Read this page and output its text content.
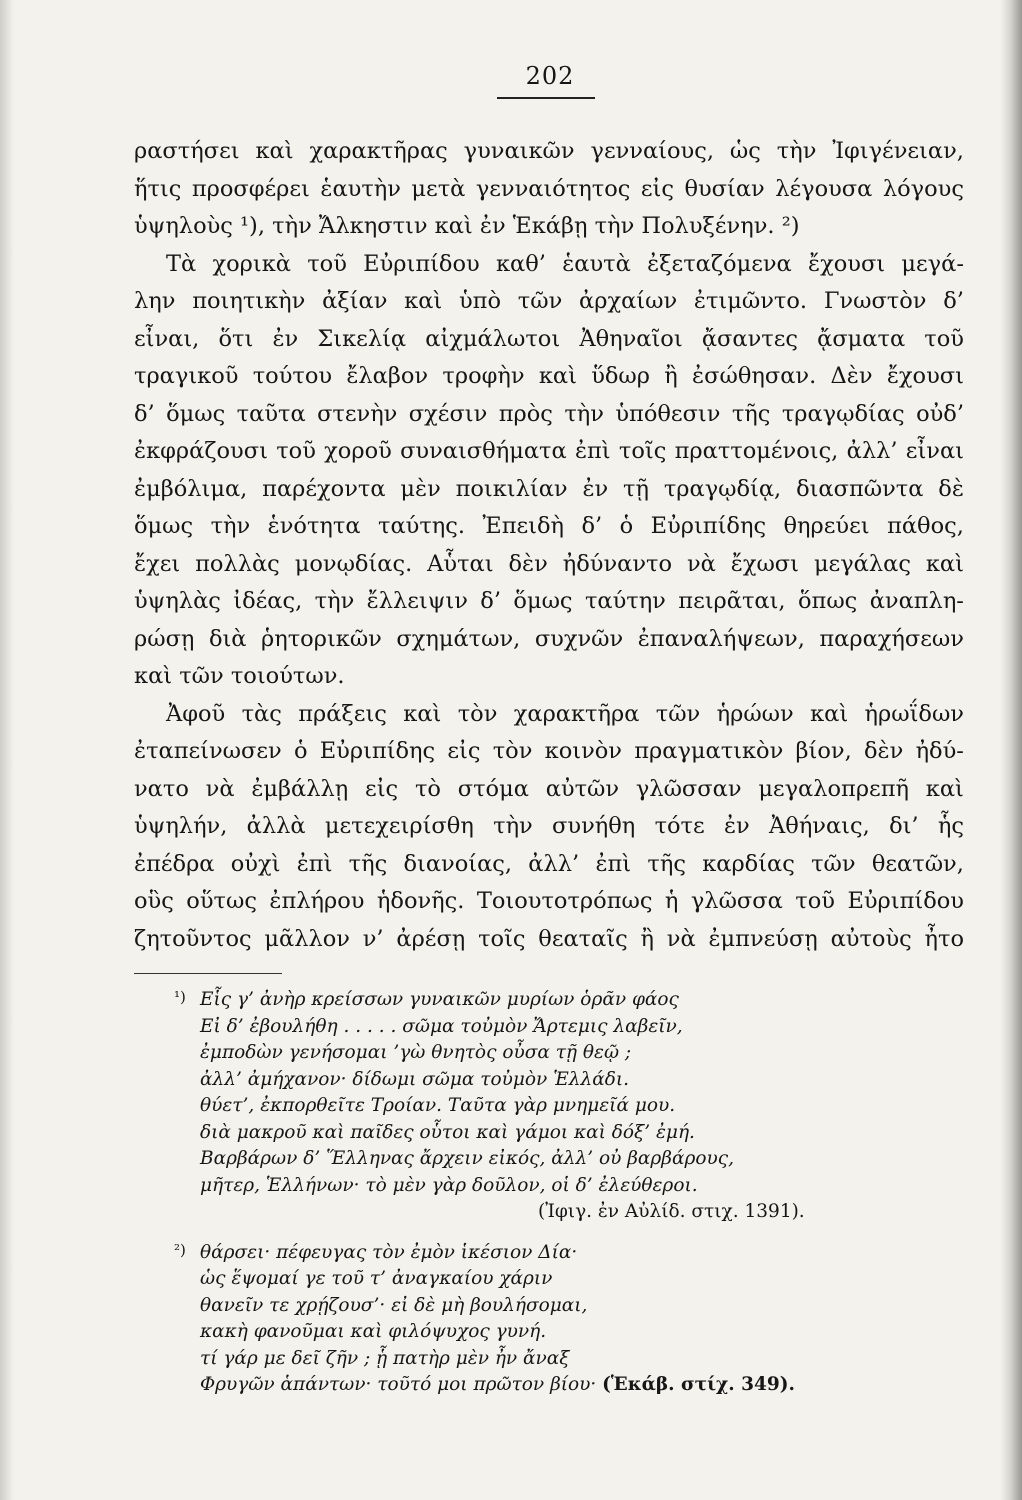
202
ραστήσει καὶ χαρακτῆρας γυναικῶν γενναίους, ὡς τὴν Ἰφιγένειαν,
ἥτις προσφέρει ἑαυτὴν μετὰ γενναιότητος εἰς θυσίαν λέγουσα λόγους
ὑψηλοὺς ¹), τὴν Ἄλκηστιν καὶ ἐν Ἑκάβῃ τὴν Πολυξένην. ²)
Τὰ χορικὰ τοῦ Εὐριπίδου καθ’ ἑαυτὰ ἐξεταζόμενα ἔχουσι μεγά-
λην ποιητικὴν ἀξίαν καὶ ὑπὸ τῶν ἀρχαίων ἐτιμῶντο. Γνωστὸν δ’
εἶναι, ὅτι ἐν Σικελίᾳ αἰχμάλωτοι Ἀθηναῖοι ᾄσαντες ᾄσματα τοῦ
τραγικοῦ τούτου ἔλαβον τροφὴν καὶ ὕδωρ ἢ ἐσώθησαν. Δὲν ἔχουσι
δ’ ὅμως ταῦτα στενὴν σχέσιν πρὸς τὴν ὑπόθεσιν τῆς τραγῳδίας οὐδ’
ἐκφράζουσι τοῦ χοροῦ συναισθήματα ἐπὶ τοῖς πραττομένοις, ἀλλ’ εἶναι
ἐμβόλιμα, παρέχοντα μὲν ποικιλίαν ἐν τῇ τραγῳδίᾳ, διασπῶντα δὲ
ὅμως τὴν ἑνότητα ταύτης. Ἐπειδὴ δ’ ὁ Εὐριπίδης θηρεύει πάθος,
ἔχει πολλὰς μονῳδίας. Αὗται δὲν ἠδύναντο νὰ ἔχωσι μεγάλας καὶ
ὑψηλὰς ἰδέας, τὴν ἔλλειψιν δ’ ὅμως ταύτην πειρᾶται, ὅπως ἀναπλη-
ρώσῃ διὰ ῥητορικῶν σχημάτων, συχνῶν ἐπαναλήψεων, παραχήσεων
καὶ τῶν τοιούτων.
Ἀφοῦ τὰς πράξεις καὶ τὸν χαρακτῆρα τῶν ἡρώων καὶ ἡρωΐδων
ἐταπείνωσεν ὁ Εὐριπίδης εἰς τὸν κοινὸν πραγματικὸν βίον, δὲν ἠδύ-
νατο νὰ ἐμβάλλῃ εἰς τὸ στόμα αὐτῶν γλῶσσαν μεγαλοπρεπῆ καὶ
ὑψηλήν, ἀλλὰ μετεχειρίσθη τὴν συνήθη τότε ἐν Ἀθήναις, δι’ ἧς
ἐπέδρα οὐχὶ ἐπὶ τῆς διανοίας, ἀλλ’ ἐπὶ τῆς καρδίας τῶν θεατῶν,
οὓς οὕτως ἐπλήρου ἡδονῆς. Τοιουτοτρόπως ἡ γλῶσσα τοῦ Εὐριπίδου
ζητοῦντος μᾶλλον ν’ ἀρέσῃ τοῖς θεαταῖς ἢ νὰ ἐμπνεύσῃ αὐτοὺς ἦτο
¹) Εἷς γ’ ἀνὴρ κρείσσων γυναικῶν μυρίων ὁρᾶν φάος
Εἰ δ’ ἐβουλήθη . . . . . σῶμα τοὐμὸν Ἄρτεμις λαβεῖν,
ἐμποδὼν γενήσομαι ’γὼ θνητὸς οὖσα τῇ θεῷ ;
ἀλλ’ ἀμήχανον· δίδωμι σῶμα τοὐμὸν Ἑλλάδι.
θύετ’, ἐκπορθεῖτε Τροίαν. Ταῦτα γὰρ μνημεῖά μου.
διὰ μακροῦ καὶ παῖδες οὗτοι καὶ γάμοι καὶ δόξ’ ἐμή.
Βαρβάρων δ’ Ἕλληνας ἄρχειν εἰκός, ἀλλ’ οὐ βαρβάρους,
μῆτερ, Ἑλλήνων· τὸ μὲν γὰρ δοῦλον, οἱ δ’ ἐλεύθεροι.
(Ἰφιγ. ἐν Αὐλίδ. στιχ. 1391).
²) θάρσει· πέφευγας τὸν ἐμὸν ἱκέσιον Δία·
ὡς ἕψομαί γε τοῦ τ’ ἀναγκαίου χάριν
θανεῖν τε χρῄζουσ’· εἰ δὲ μὴ βουλήσομαι,
κακὴ φανοῦμαι καὶ φιλόψυχος γυνή.
τί γάρ με δεῖ ζῆν ; ᾗ πατὴρ μὲν ἦν ἄναξ
Φρυγῶν ἁπάντων· τοῦτό μοι πρῶτον βίου· (Ἑκάβ. στίχ. 349).
